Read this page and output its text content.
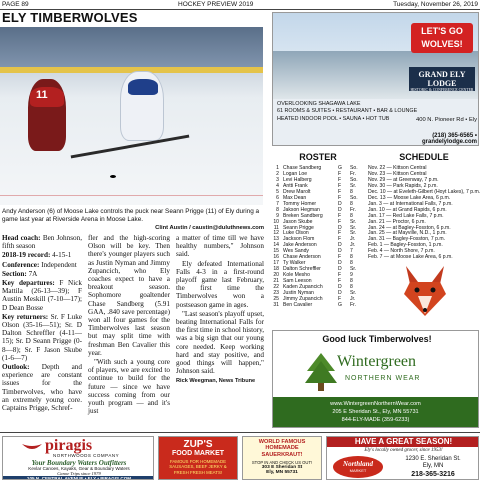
PAGE 89	HOCKEY PREVIEW 2019	Tuesday, November 26, 2019
ELY TIMBERWOLVES
11
Andy Anderson (6) of Moose Lake controls the puck near Seann Prigge (11) of Ely during a game last year at Riverside Arena in Moose Lake.
Clint Austin / caustin@duluthnews.com

Head coach: Ben Johnson, fifth season

2018-19 record: 4-15-1

Conference: Independent

Section: 7A

Key departures: F Nick Mattila (26-13—39); F Austin Meskill (7-10—17); D Dean Bosse

Key returners: Sr. F Luke Olson (35-16—51); Sr. D Dalton Schreffler (4-11—15); Sr. D Seann Prigge (0-8—8); Sr. F Jason Skube (1-6—7)

Outlook: Depth and experience are constant issues for the Timberwolves, who have an extremely young core. Captains Prigge, Schref-

fler and the high-scoring Olson will be key. Then there's younger players such as Justin Nyman and Jimmy Zupancich, who Ely coaches expect to have a breakout season. Sophomore goaltender Chase Sandberg (5.91 GAA, .840 save percentage) won all four games for the Timberwolves last season but may split time with freshman Ben Cavalier this year.

"With such a young core of players, we are excited to continue to build for the future — since we have success coming from our youth program — and it's just

a matter of time till we have healthy numbers," Johnson said.

Ely defeated International Falls 4-3 in a first-round playoff game last February, the first time the Timberwolves won a postseason game in ages.

"Last season's playoff upset, beating International Falls for the first time in school history, was a big sign that our young core needed. Keep working hard and stay positive, and good things will happen," Johnson said.

Rick Weegman, News Tribune

LET'S GO WOLVES!
GRAND ELY LODGE
HISTORIC & CONFERENCE CENTER
OVERLOOKING SHAGAWA LAKE
61 ROOMS & SUITES • RESTAURANT • BAR & LOUNGE
HEATED INDOOR POOL • SAUNA • HOT TUB	400 N. Pioneer Rd • Ely
(218) 365-6565 • grandelylodge.com
ROSTER
1 Chase Sandberg	G	So.
2 Logan Loe	F	Fr.
3 Levi Halberg	F	So.
4 Antti Frank	F	Sr.
5 Drew Marolt	F	8
6 Max Dean	F	So.
7 Tommy Homer	D	8
8 Jakson Hegman	D	Fr.
9 Breken Sandberg	F	8
10 Jason Skube	F	Sr.
11 Seann Prigge	D	Sr.
12 Luke Olson	F	Sr.
13 Jackson Flom	F	Jr.
14 Jake Anderson	D	Jr.
15 Wes Sandy	D	7
16 Chase Anderson	F	8
17 Ty Walker	D	8
18 Dalton Schreffler	D	Sr.
20 Kole Mesho	F	9
21 Sam Leeson	F	8
22 Kaden Zupancich	D	8
23 Justin Nyman	D	Sr.
25 Jimmy Zupancich	F	Jr.
31 Ben Cavalier	G	Fr.
SCHEDULE
Nov. 22 — Kittson Central
Nov. 23 — Kittson Central
Nov. 29 — at Greenway, 7 p.m.
Nov. 30 — Park Rapids, 2 p.m.
Dec. 10 — at Eveleth-Gilbert (Hoyt Lakes), 7 p.m.
Dec. 13 — Moose Lake Area, 6 p.m.
Jan. 3 — at International Falls, 7 p.m.
Jan. 10 — at Grand Rapids, 6 p.m.
Jan. 17 — Red Lake Falls, 7 p.m.
Jan. 21 — Proctor, 6 p.m.
Jan. 24 — at Bagley-Fosston, 6 p.m.
Jan. 25 — at Mayville, N.D., 1 p.m.
Jan. 31 — Bagley-Fosston, 7 p.m.
Feb. 1 — Bagley-Fosston, 1 p.m.
Feb. 4 — North Shore, 7 p.m.
Feb. 7 — at Moose Lake Area, 6 p.m.
Good luck Timberwolves!
Wintergreen
NORTHERN WEAR
www.WintergreenNorthernWear.com
205 E Sheridan St., Ely, MN 55731
844-ELY-MADE (359-6233)
piragis
NORTHWOODS COMPANY
Your Boundary Waters Outfitters
Kevlar Canoes, Kayaks, Gear & Boundary Waters
Canoe Trips since 1979
105 N. CENTRAL AVENUE • ELY • PIRAGIS.COM
ZUP'S
FOOD MARKET
FAMOUS FOR HOMEMADE
SAUSAGES, BEEF JERKY &
FRESH FRESH MEATS!
WORLD FAMOUS
HOMEMADE
SAUERKRAUT!
STOP IN AND CHECK US OUT!
303 E Sheridan St
Ely, MN 55731
HAVE A GREAT SEASON!
Ely's locally owned grocer, since 1953!
Northland
MARKET
1230 E. Sheridan St.
Ely, MN
218-365-3216
